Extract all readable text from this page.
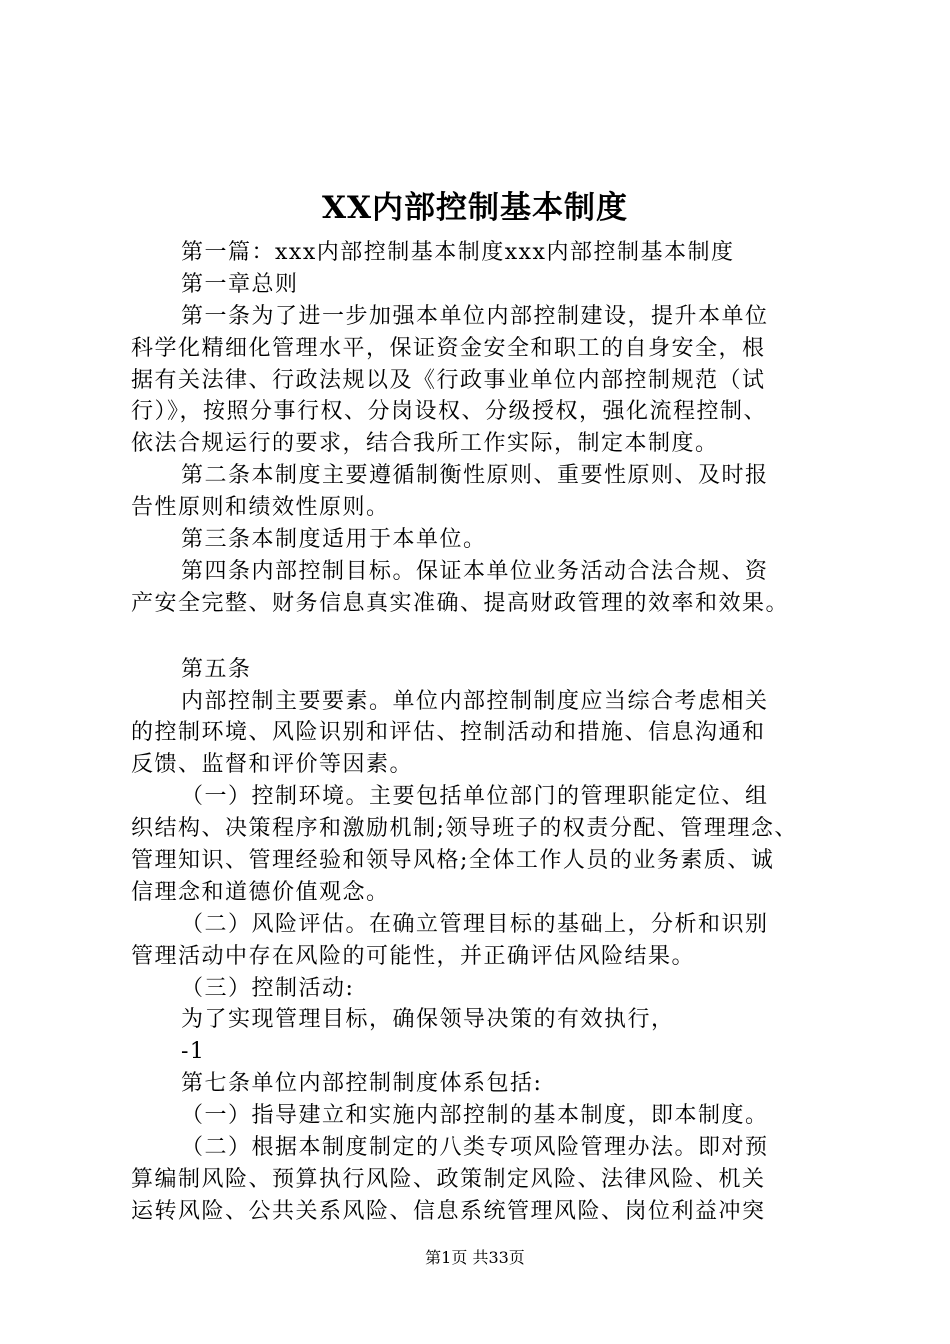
XX内部控制基本制度
第一篇：xxx内部控制基本制度xxx内部控制基本制度
第一章总则
第一条为了进一步加强本单位内部控制建设，提升本单位
科学化精细化管理水平，保证资金安全和职工的自身安全，根
据有关法律、行政法规以及《行政事业单位内部控制规范（试
行）》，按照分事行权、分岗设权、分级授权，强化流程控制、
依法合规运行的要求，结合我所工作实际，制定本制度。
第二条本制度主要遵循制衡性原则、重要性原则、及时报
告性原则和绩效性原则。
第三条本制度适用于本单位。
第四条内部控制目标。保证本单位业务活动合法合规、资
产安全完整、财务信息真实准确、提高财政管理的效率和效果。
第五条
内部控制主要要素。单位内部控制制度应当综合考虑相关
的控制环境、风险识别和评估、控制活动和措施、信息沟通和
反馈、监督和评价等因素。
（一）控制环境。主要包括单位部门的管理职能定位、组
织结构、决策程序和激励机制;领导班子的权责分配、管理理念、
管理知识、管理经验和领导风格;全体工作人员的业务素质、诚
信理念和道德价值观念。
（二）风险评估。在确立管理目标的基础上，分析和识别
管理活动中存在风险的可能性，并正确评估风险结果。
（三）控制活动:
为了实现管理目标，确保领导决策的有效执行，
-1
第七条单位内部控制制度体系包括:
（一）指导建立和实施内部控制的基本制度，即本制度。
（二）根据本制度制定的八类专项风险管理办法。即对预
算编制风险、预算执行风险、政策制定风险、法律风险、机关
运转风险、公共关系风险、信息系统管理风险、岗位利益冲突
第1页 共33页
